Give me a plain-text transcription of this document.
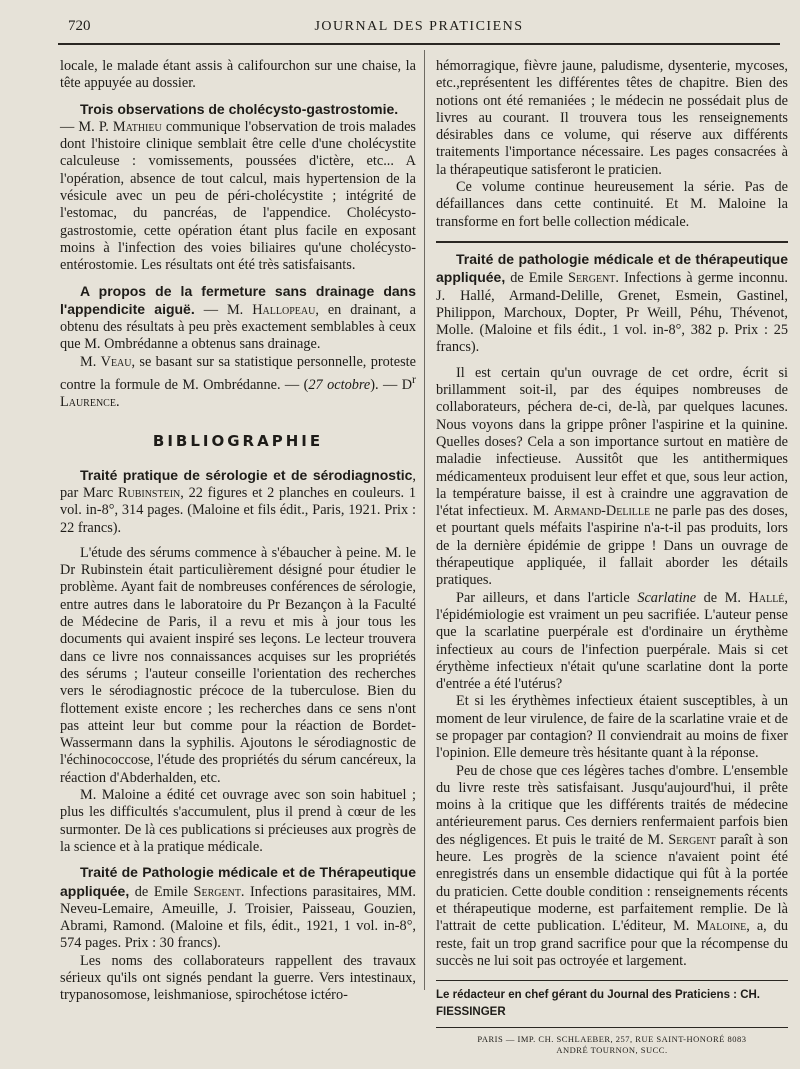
720	JOURNAL DES PRATICIENS

locale, le malade étant assis à califourchon sur une chaise, la tête appuyée au dossier.

Trois observations de cholécysto-gastrostomie.
— M. P. Mathieu communique l'observation de trois malades dont l'histoire clinique semblait être celle d'une cholécystite calculeuse : vomissements, poussées d'ictère, etc... A l'opération, absence de tout calcul, mais hypertension de la vésicule avec un peu de péri-cholécystite ; intégrité de l'estomac, du pancréas, de l'appendice. Cholécysto-gastrostomie, cette opération étant plus facile en exposant moins à l'infection des voies biliaires qu'une cholécysto-entérostomie. Les résultats ont été très satisfaisants.

A propos de la fermeture sans drainage dans l'appendicite aiguë. — M. Hallopeau, en drainant, a obtenu des résultats à peu près exactement semblables à ceux que M. Ombrédanne a obtenus sans drainage.

M. Veau, se basant sur sa statistique personnelle, proteste contre la formule de M. Ombrédanne. — (27 octobre). — $D^r$ Laurence.

BIBLIOGRAPHIE

Traité pratique de sérologie et de sérodiagnostic, par Marc Rubinstein, 22 figures et 2 planches en couleurs. 1 vol. in-8°, 314 pages. (Maloine et fils édit., Paris, 1921. Prix : 22 francs).

L'étude des sérums commence à s'ébaucher à peine. M. le Dr Rubinstein était particulièrement désigné pour étudier le problème. Ayant fait de nombreuses conférences de sérologie, entre autres dans le laboratoire du Pr Bezançon à la Faculté de Médecine de Paris, il a revu et mis à jour tous les documents qui avaient inspiré ses leçons. Le lecteur trouvera dans ce livre nos connaissances acquises sur les propriétés des sérums ; l'auteur conseille l'orientation des recherches vers le sérodiagnostic précoce de la tuberculose. Bien du flottement existe encore ; les recherches dans ce sens n'ont pas atteint leur but comme pour la réaction de Bordet-Wassermann dans la syphilis. Ajoutons le sérodiagnostic de l'échinococcose, l'étude des propriétés du sérum cancéreux, la réaction d'Abderhalden, etc.

M. Maloine a édité cet ouvrage avec son soin habituel ; plus les difficultés s'accumulent, plus il prend à cœur de les surmonter. De là ces publications si précieuses aux progrès de la science et à la pratique médicale.

Traité de Pathologie médicale et de Thérapeutique appliquée, de Emile Sergent. Infections parasitaires, MM. Neveu-Lemaire, Ameuille, J. Troisier, Paisseau, Gouzien, Abrami, Ramond. (Maloine et fils, édit., 1921, 1 vol. in-8°, 574 pages. Prix : 30 francs).

Les noms des collaborateurs rappellent des travaux sérieux qu'ils ont signés pendant la guerre. Vers intestinaux, trypanosomose, leishmaniose, spirochétose ictéro-

hémorragique, fièvre jaune, paludisme, dysenterie, mycoses, etc.,représentent les différentes têtes de chapitre. Bien des notions ont été remaniées ; le médecin ne possédait plus de livres au courant. Il trouvera tous les renseignements désirables dans ce volume, qui réserve aux différents traitements l'importance nécessaire. Les pages consacrées à la thérapeutique satisferont le praticien.

Ce volume continue heureusement la série. Pas de défaillances dans cette continuité. Et M. Maloine la transforme en fort belle collection médicale.

Traité de pathologie médicale et de thérapeutique appliquée, de Emile Sergent. Infections à germe inconnu. J. Hallé, Armand-Delille, Grenet, Esmein, Gastinel, Philippon, Marchoux, Dopter, Pr Weill, Péhu, Thévenot, Molle. (Maloine et fils édit., 1 vol. in-8°, 382 p. Prix : 25 francs).

Il est certain qu'un ouvrage de cet ordre, écrit si brillamment soit-il, par des équipes nombreuses de collaborateurs, péchera de-ci, de-là, par quelques lacunes. Nous voyons dans la grippe prôner l'aspirine et la quinine. Quelles doses? Cela a son importance surtout en matière de maladie infectieuse. Aussitôt que les antithermiques médicamenteux produisent leur effet et que, sous leur action, la température baisse, il est à craindre une aggravation de l'état infectieux. M. Armand-Delille ne parle pas des doses, et pourtant quels méfaits l'aspirine n'a-t-il pas produits, lors de la dernière épidémie de grippe ! Dans un ouvrage de thérapeutique appliquée, il fallait aborder les détails pratiques.

Par ailleurs, et dans l'article Scarlatine de M. Hallé, l'épidémiologie est vraiment un peu sacrifiée. L'auteur pense que la scarlatine puerpérale est d'ordinaire un érythème infectieux au cours de l'infection puerpérale. Mais si cet érythème infectieux n'était qu'une scarlatine dont la porte d'entrée a été l'utérus?

Et si les érythèmes infectieux étaient susceptibles, à un moment de leur virulence, de faire de la scarlatine vraie et de se propager par contagion? Il conviendrait au moins de fixer l'opinion. Elle demeure très hésitante quant à la réponse.

Peu de chose que ces légères taches d'ombre. L'ensemble du livre reste très satisfaisant. Jusqu'aujourd'hui, il prête moins à la critique que les différents traités de médecine antérieurement parus. Ces derniers renfermaient parfois bien des négligences. Et puis le traité de M. Sergent paraît à son heure. Les progrès de la science n'avaient point été enregistrés dans un ensemble didactique qui fût à la portée du praticien. Cette double condition : renseignements récents et thérapeutique moderne, est parfaitement remplie. De là l'attrait de cette publication. L'éditeur, M. Maloine, a, du reste, fait un trop grand sacrifice pour que la récompense du succès ne lui soit pas octroyée et largement.

Le rédacteur en chef gérant du Journal des Praticiens : CH. FIESSINGER
PARIS — IMP. CH. SCHLAEBER, 257, RUE SAINT-HONORÉ 8083
ANDRÉ TOURNON, SUCC.
